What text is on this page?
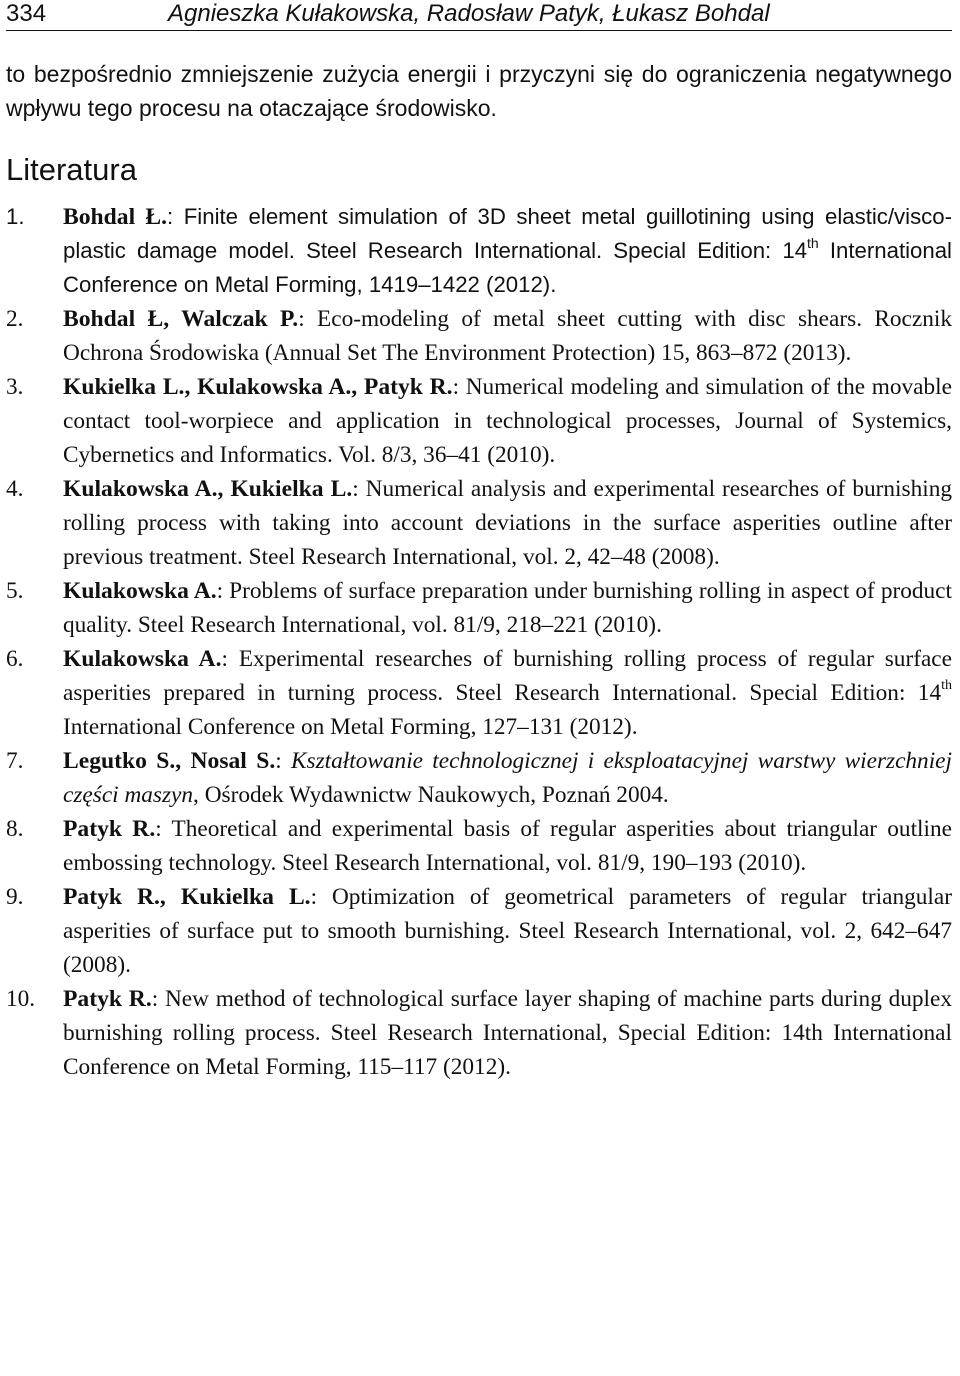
334	Agnieszka Kułakowska, Radosław Patyk, Łukasz Bohdal

to bezpośrednio zmniejszenie zużycia energii i przyczyni się do ograniczenia negatywnego wpływu tego procesu na otaczające środowisko.

Literatura
1. Bohdal Ł.: Finite element simulation of 3D sheet metal guillotining using elastic/visco-plastic damage model. Steel Research International. Special Edition: 14th International Conference on Metal Forming, 1419–1422 (2012).
2. Bohdal Ł, Walczak P.: Eco-modeling of metal sheet cutting with disc shears. Rocznik Ochrona Środowiska (Annual Set The Environment Protection) 15, 863–872 (2013).
3. Kukielka L., Kulakowska A., Patyk R.: Numerical modeling and simulation of the movable contact tool-worpiece and application in technological processes, Journal of Systemics, Cybernetics and Informatics. Vol. 8/3, 36–41 (2010).
4. Kulakowska A., Kukielka L.: Numerical analysis and experimental researches of burnishing rolling process with taking into account deviations in the surface asperities outline after previous treatment. Steel Research International, vol. 2, 42–48 (2008).
5. Kulakowska A.: Problems of surface preparation under burnishing rolling in aspect of product quality. Steel Research International, vol. 81/9, 218–221 (2010).
6. Kulakowska A.: Experimental researches of burnishing rolling process of regular surface asperities prepared in turning process. Steel Research International. Special Edition: 14th International Conference on Metal Forming, 127–131 (2012).
7. Legutko S., Nosal S.: Kształtowanie technologicznej i eksploatacyjnej warstwy wierzchniej części maszyn, Ośrodek Wydawnictw Naukowych, Poznań 2004.
8. Patyk R.: Theoretical and experimental basis of regular asperities about triangular outline embossing technology. Steel Research International, vol. 81/9, 190–193 (2010).
9. Patyk R., Kukielka L.: Optimization of geometrical parameters of regular triangular asperities of surface put to smooth burnishing. Steel Research International, vol. 2, 642–647 (2008).
10. Patyk R.: New method of technological surface layer shaping of machine parts during duplex burnishing rolling process. Steel Research International, Special Edition: 14th International Conference on Metal Forming, 115–117 (2012).
